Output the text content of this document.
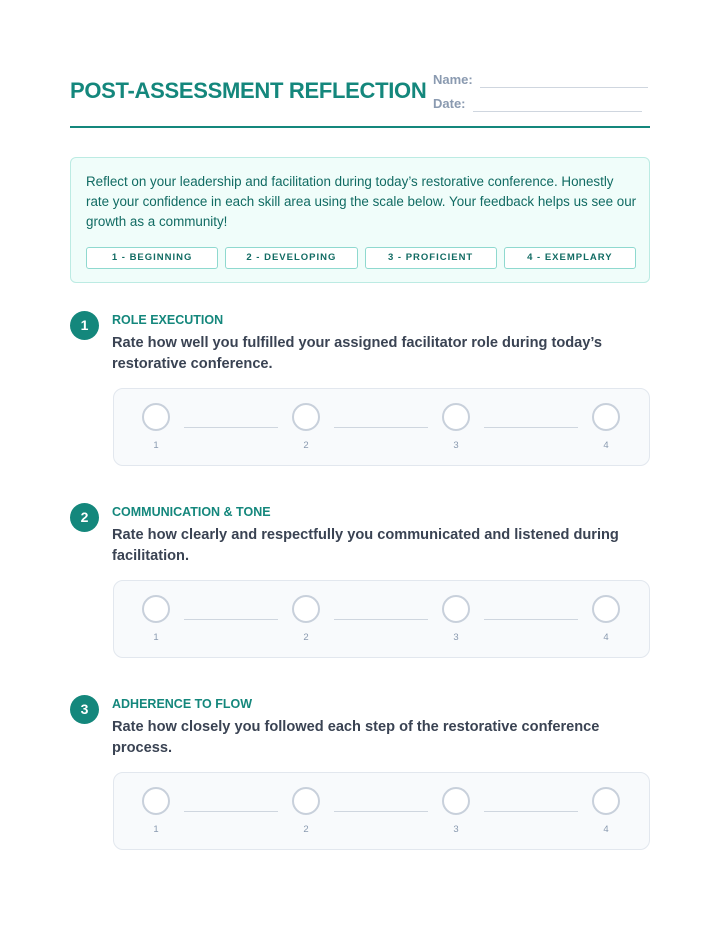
POST-ASSESSMENT REFLECTION Name:
Date:

Reflect on your leadership and facilitation during today’s restorative conference. Honestly rate your confidence in each skill area using the scale below. Your feedback helps us see our growth as a community!

1 - BEGINNING	2 - DEVELOPING	3 - PROFICIENT	4 - EXEMPLARY
1	ROLE EXECUTION
Rate how well you fulfilled your assigned facilitator role during today’s restorative conference.
1	2	3	4
2	COMMUNICATION & TONE
Rate how clearly and respectfully you communicated and listened during facilitation.
1	2	3	4
3	ADHERENCE TO FLOW
Rate how closely you followed each step of the restorative conference process.
1	2	3	4
